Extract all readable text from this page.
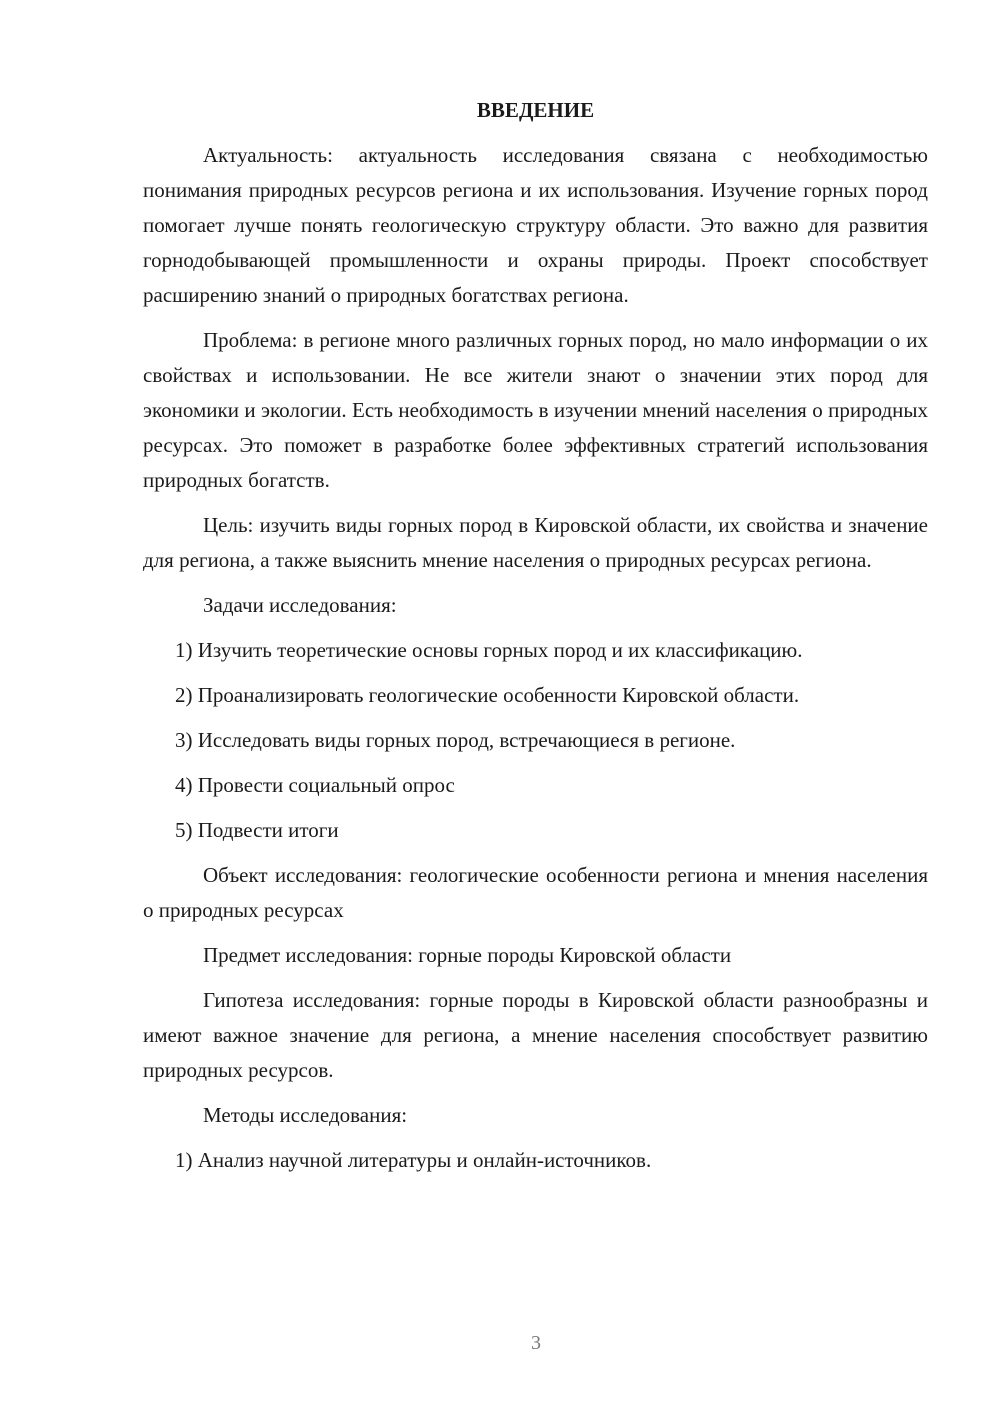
ВВЕДЕНИЕ

Актуальность: актуальность исследования связана с необходимостью понимания природных ресурсов региона и их использования. Изучение горных пород помогает лучше понять геологическую структуру области. Это важно для развития горнодобывающей промышленности и охраны природы. Проект способствует расширению знаний о природных богатствах региона.

Проблема: в регионе много различных горных пород, но мало информации о их свойствах и использовании. Не все жители знают о значении этих пород для экономики и экологии. Есть необходимость в изучении мнений населения о природных ресурсах. Это поможет в разработке более эффективных стратегий использования природных богатств.

Цель: изучить виды горных пород в Кировской области, их свойства и значение для региона, а также выяснить мнение населения о природных ресурсах региона.

Задачи исследования:

1) Изучить теоретические основы горных пород и их классификацию.
2) Проанализировать геологические особенности Кировской области.
3) Исследовать виды горных пород, встречающиеся в регионе.
4) Провести социальный опрос
5) Подвести итоги

Объект исследования: геологические особенности региона и мнения населения о природных ресурсах

Предмет исследования: горные породы Кировской области

Гипотеза исследования: горные породы в Кировской области разнообразны и имеют важное значение для региона, а мнение населения способствует развитию природных ресурсов.

Методы исследования:

1) Анализ научной литературы и онлайн-источников.
3
